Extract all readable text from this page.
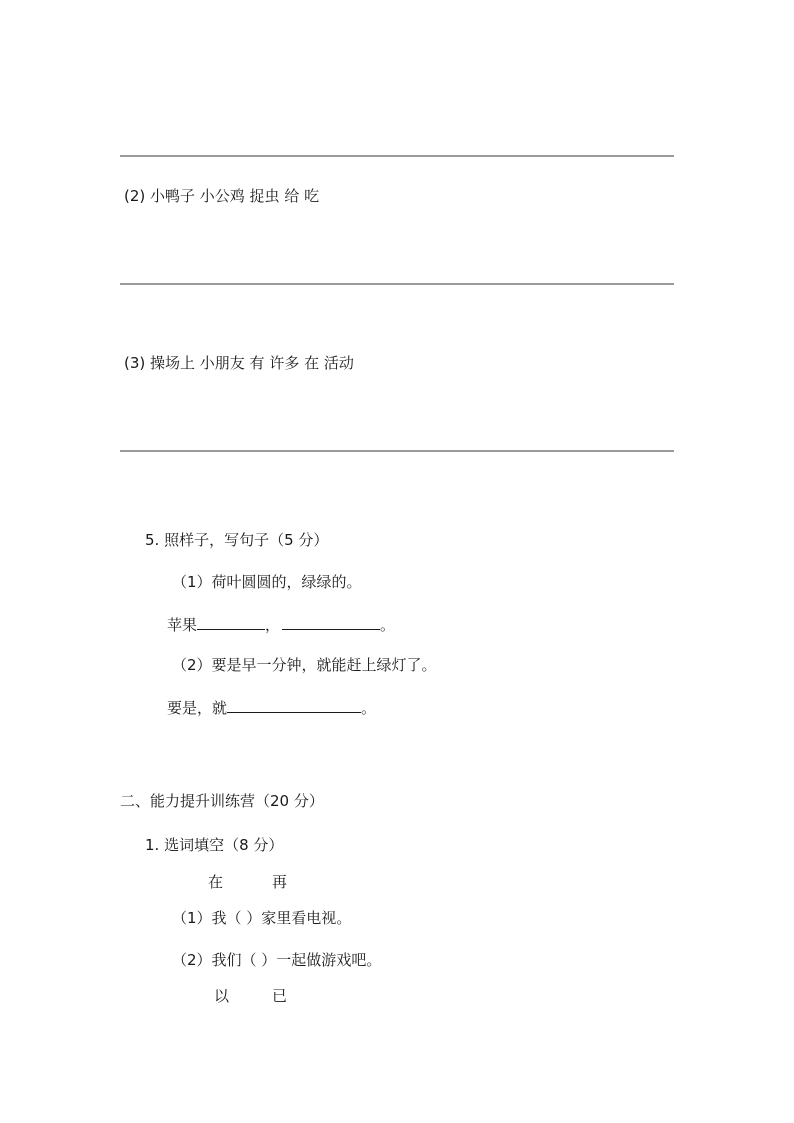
(2) 小鸭子 小公鸡 捉虫 给 吃
(3) 操场上 小朋友 有 许多 在 活动
5. 照样子，写句子（5 分）
（1）荷叶圆圆的，绿绿的。
苹果	，	。
（2）要是早一分钟，就能赶上绿灯了。
要是，就	。
二、能力提升训练营（20 分）
1. 选词填空（8 分）
在	再
（1）我（ ）家里看电视。
（2）我们（ ）一起做游戏吧。
以	已
